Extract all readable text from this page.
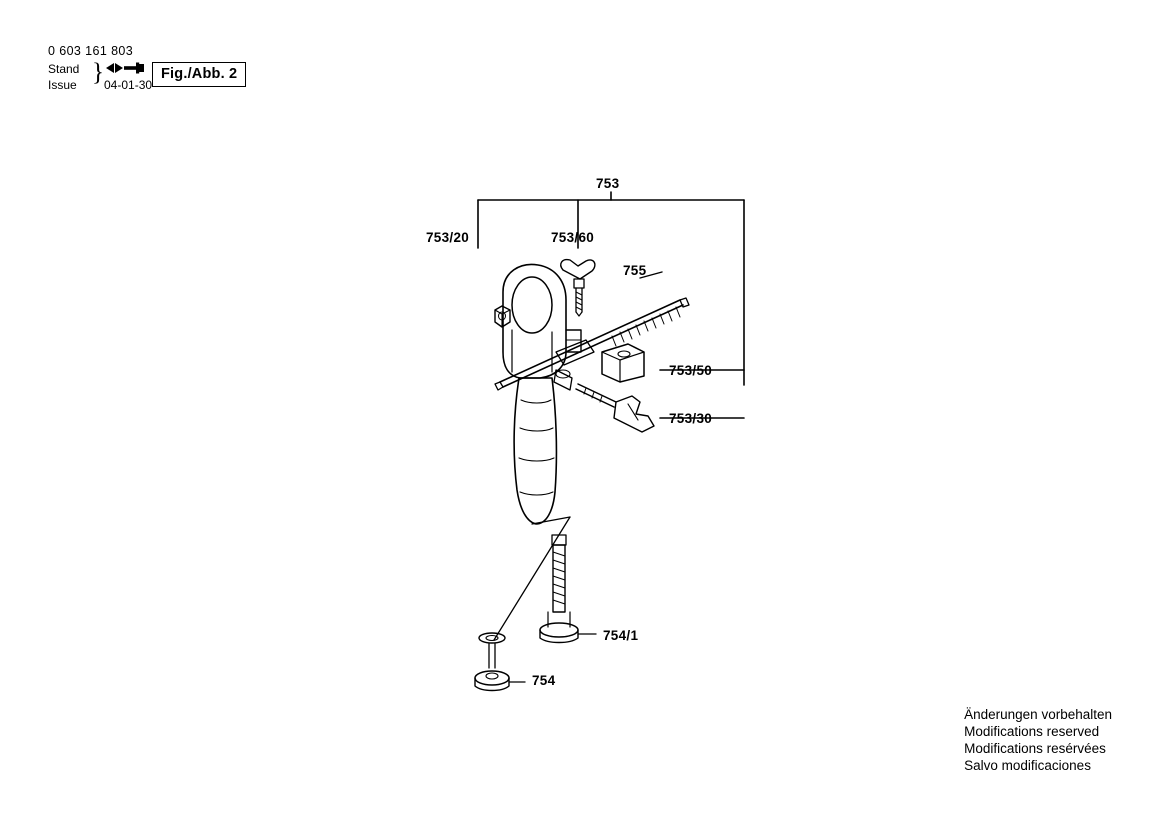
0 603 161 803
Stand
Issue } 04-01-30
Fig./Abb. 2
753
753/20	753/60
755
753/50
753/30
754/1
754
Änderungen vorbehalten
Modifications reserved
Modifications resérvées
Salvo modificaciones
